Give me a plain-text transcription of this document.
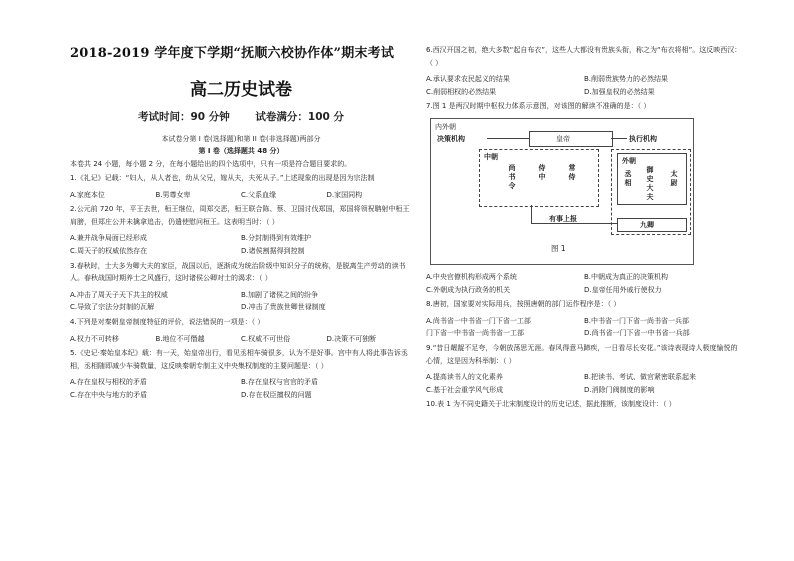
2018-2019 学年度下学期“抚顺六校协作体”期末考试
高二历史试卷
考试时间：90 分钟 试卷满分：100 分
本试卷分第 I 卷(选择题)和第 II 卷(非选择题)两部分
第 I 卷（选择题共 48 分）
本卷共 24 小题，每小题 2 分，在每小题给出的四个选项中，只有一项是符合题目要求的。
1.《礼记》记载：“妇人，从人者也，幼从父兄，嫁从夫，夫死从子。”上述现象的出现是因为宗法制
A.家庭本位	B.男尊女卑	C.父系血缘	D.家国同构
2.公元前 720 年，平王去世，桓王继位，周郑交恶，桓王联合陈、蔡、卫国讨伐郑国，郑国将领祝聃射中桓王肩膀，但郑庄公并未擒拿追击，仍遣使慰问桓王。这表明当时：（ ）
A.兼并战争局面已经形成	B.分封制得到有效维护
C.周天子的权威依然存在	D.诸侯割据得到控制
3.春秋时，士大多为卿大夫的家臣，战国以后，逐渐成为统治阶级中知识分子的统称，是脱离生产劳动的读书人。春秋战国时期养士之风盛行，这时诸侯公卿对士的渴求：（ ）
A.冲击了周天子天下共主的权威	B.加剧了诸侯之间的纷争
C.导致了宗法分封制的瓦解	D.冲击了贵族世卿世禄制度
4.下列是对秦朝皇帝制度特征的评价，说法错误的一项是：（ ）
A.权力不可转移	B.地位不可僭越	C.权威不可世俗	D.决策不可独断
5.《史记·秦始皇本纪》载：有一天，始皇帝出行，看见丞相车骑很多，认为不是好事。宫中有人将此事告诉丞相，丞相随即减少车骑数量，这反映秦朝专制主义中央集权制度的主要问题是：（ ）
A.存在皇权与相权的矛盾	B.存在皇权与官官的矛盾
C.存在中央与地方的矛盾	D.存在权臣擅权的问题
6.西汉开国之初，绝大多数“起自布衣”，这些人大都没有贵族头衔，称之为“布衣将相”。这反映西汉：（ ）
A.承认要求农民起义的结果	B.削弱贵族势力的必然结果
C.削弱相权的必然结果	D.加强皇权的必然结果
7.图 1 是两汉时期中枢权力体系示意图，对该图的解读不准确的是：（ ）
内外朝
决策机构	皇帝	执行机构
中朝
尚书令
侍中
常侍
外朝
丞相
御史大夫
太尉
有事上报
九卿
图 1
A.中央官僚机构形成两个系统	B.中朝成为真正的决策机构
C.外朝成为执行政务的机关	D.皇帝任用外戚行使权力
8.唐初，国家要对实际用兵，按照唐朝的部门运作程序是：（ ）
A.尚书省一中书省一门下省一工部	B.中书省一门下省一尚书省一兵部
门下省一中书省一尚书省一工部	D.尚书省一门下省一中书省一兵部
9.“昔日龌龊不足夸，今朝放荡思无涯。春风得意马蹄疾，一日看尽长安花。”该诗表现诗人极度愉悦的心情，这是因为科举制：（ ）
A.提高读书人的文化素养	B.把读书、考试、做官紧密联系起来
C.基于社会重学风气形成	D.消除门阀制度的影响
10.表 1 为不同史籍关于北宋制度设计的历史记述，据此推断，该制度设计：（ ）
